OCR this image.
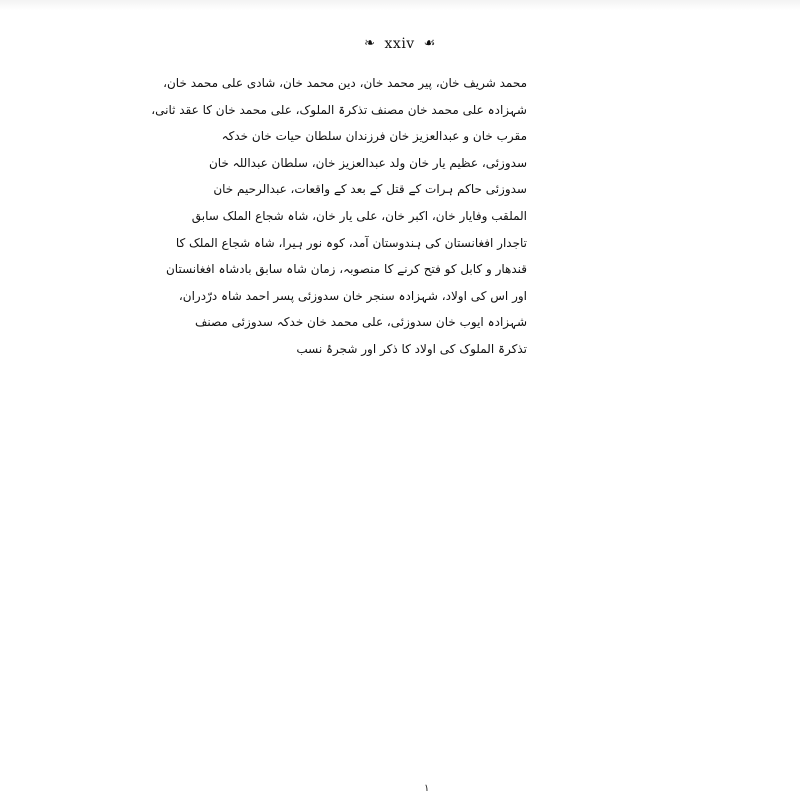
❧ xxiv ☙
محمد شریف خان، پیر محمد خان، دین محمد خان، شادی علی محمد خان،
شہزادہ علی محمد خان مصنف تذکرۃ الملوک، علی محمد خان کا عقد ثانی،
مقرب خان و عبدالعزیز خان فرزندان سلطان حیات خان خدکہ
سدوزئی، عظیم یار خان ولد عبدالعزیز خان، سلطان عبداللہ خان
سدوزئی حاکم ہرات کے قتل کے بعد کے واقعات، عبدالرحیم خان
الملقب وفایار خان، اکبر خان، علی یار خان، شاہ شجاع الملک سابق
تاجدار افغانستان کی ہندوستان آمد، کوہ نور ہیرا، شاہ شجاع الملک کا
قندھار و کابل کو فتح کرنے کا منصوبہ، زمان شاہ سابق بادشاہ افغانستان
اور اس کی اولاد، شہزادہ سنجر خان سدوزئی پسر احمد شاہ درّدران،
شہزادہ ایوب خان سدوزئی، علی محمد خان خدکہ سدوزئی مصنف
تذکرۃ الملوک کی اولاد کا ذکر اور شجرۂ نسب
١
